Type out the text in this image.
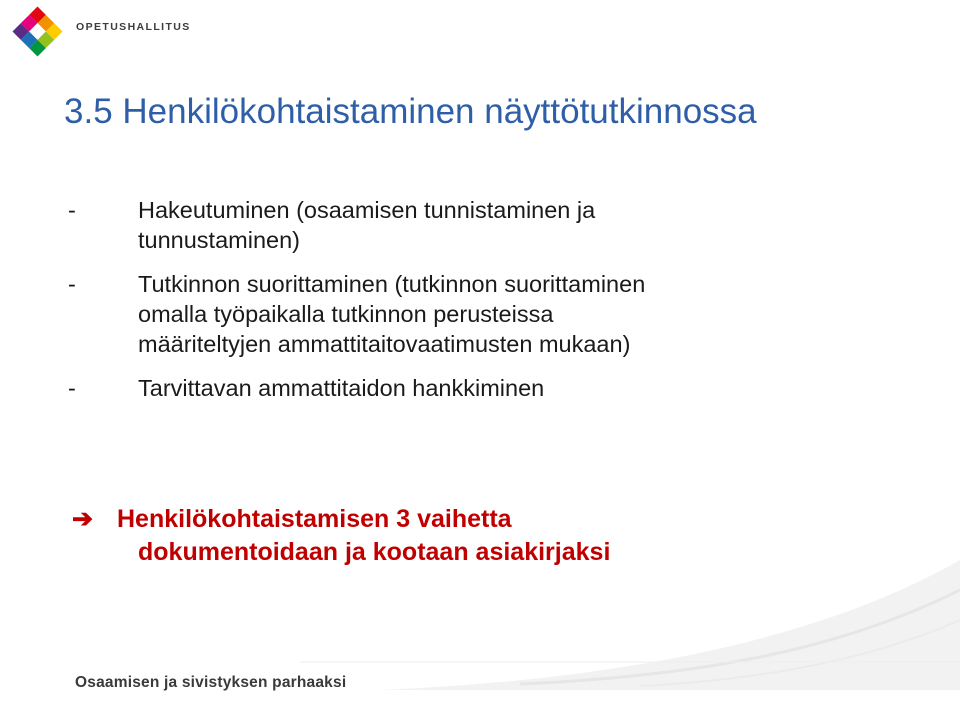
OPETUSHALLITUS
3.5 Henkilökohtaistaminen näyttötutkinnossa
-	Hakeutuminen (osaamisen tunnistaminen ja
tunnustaminen)
-	Tutkinnon suorittaminen (tutkinnon suorittaminen
omalla työpaikalla tutkinnon perusteissa
määriteltyjen ammattitaitovaatimusten mukaan)
-	Tarvittavan ammattitaidon hankkiminen
➔ Henkilökohtaistamisen 3 vaihetta
dokumentoidaan ja kootaan asiakirjaksi
Osaamisen ja sivistyksen parhaaksi
